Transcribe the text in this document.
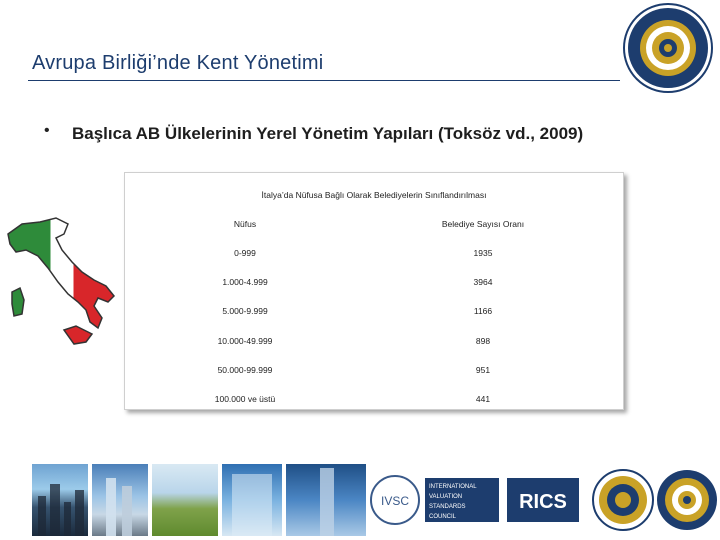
Avrupa Birliği’nde Kent Yönetimi
• Başlıca AB Ülkelerinin Yerel Yönetim Yapıları (Toksöz vd., 2009)
İtalya’da Nüfusa Bağlı Olarak Belediyelerin Sınıflandırılması
Nüfus	Belediye Sayısı Oranı
0-999	1935
1.000-4.999	3964
5.000-9.999	1166
10.000-49.999	898
50.000-99.999	951
100.000 ve üstü	441
IVSC
INTERNATIONAL
VALUATION
STANDARDS
COUNCIL
RICS
